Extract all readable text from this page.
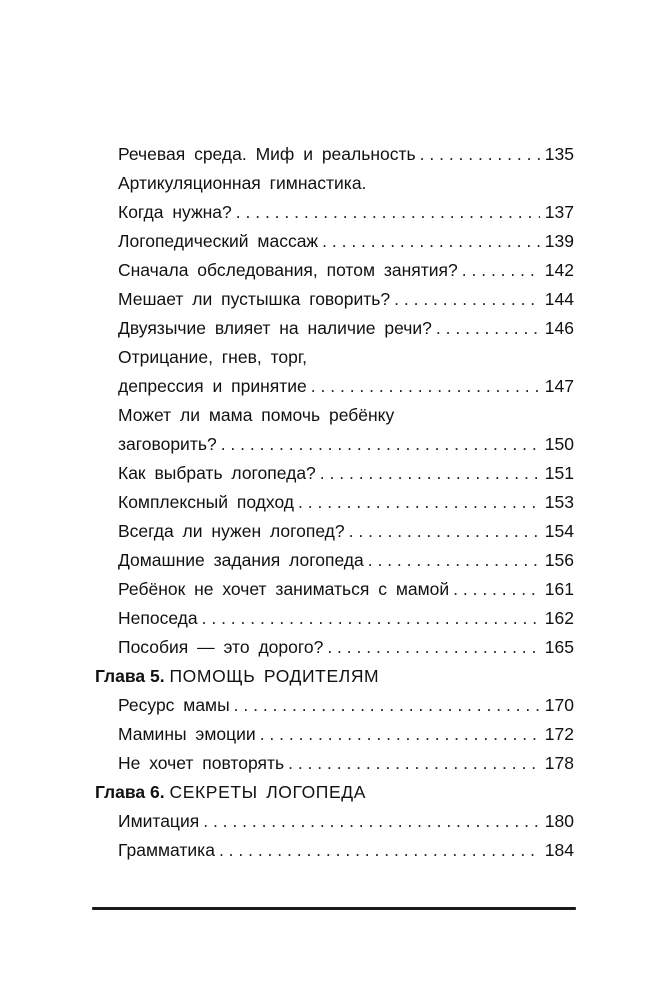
Речевая среда. Миф и реальность . . .	135
Артикуляционная гимнастика.
Когда нужна? . . .	137
Логопедический массаж . . .	139
Сначала обследования, потом занятия? . . .	142
Мешает ли пустышка говорить? . . .	144
Двуязычие влияет на наличие речи? . . .	146
Отрицание, гнев, торг,
депрессия и принятие . . .	147
Может ли мама помочь ребёнку
заговорить? . . .	150
Как выбрать логопеда? . . .	151
Комплексный подход . . .	153
Всегда ли нужен логопед? . . .	154
Домашние задания логопеда . . .	156
Ребёнок не хочет заниматься с мамой . . .	161
Непоседа . . .	162
Пособия — это дорого? . . .	165
Глава 5.
ПОМОЩЬ РОДИТЕЛЯМ
Ресурс мамы . . .	170
Мамины эмоции . . .	172
Не хочет повторять . . .	178
Глава 6.
СЕКРЕТЫ ЛОГОПЕДА
Имитация . . .	180
Грамматика . . .	184
